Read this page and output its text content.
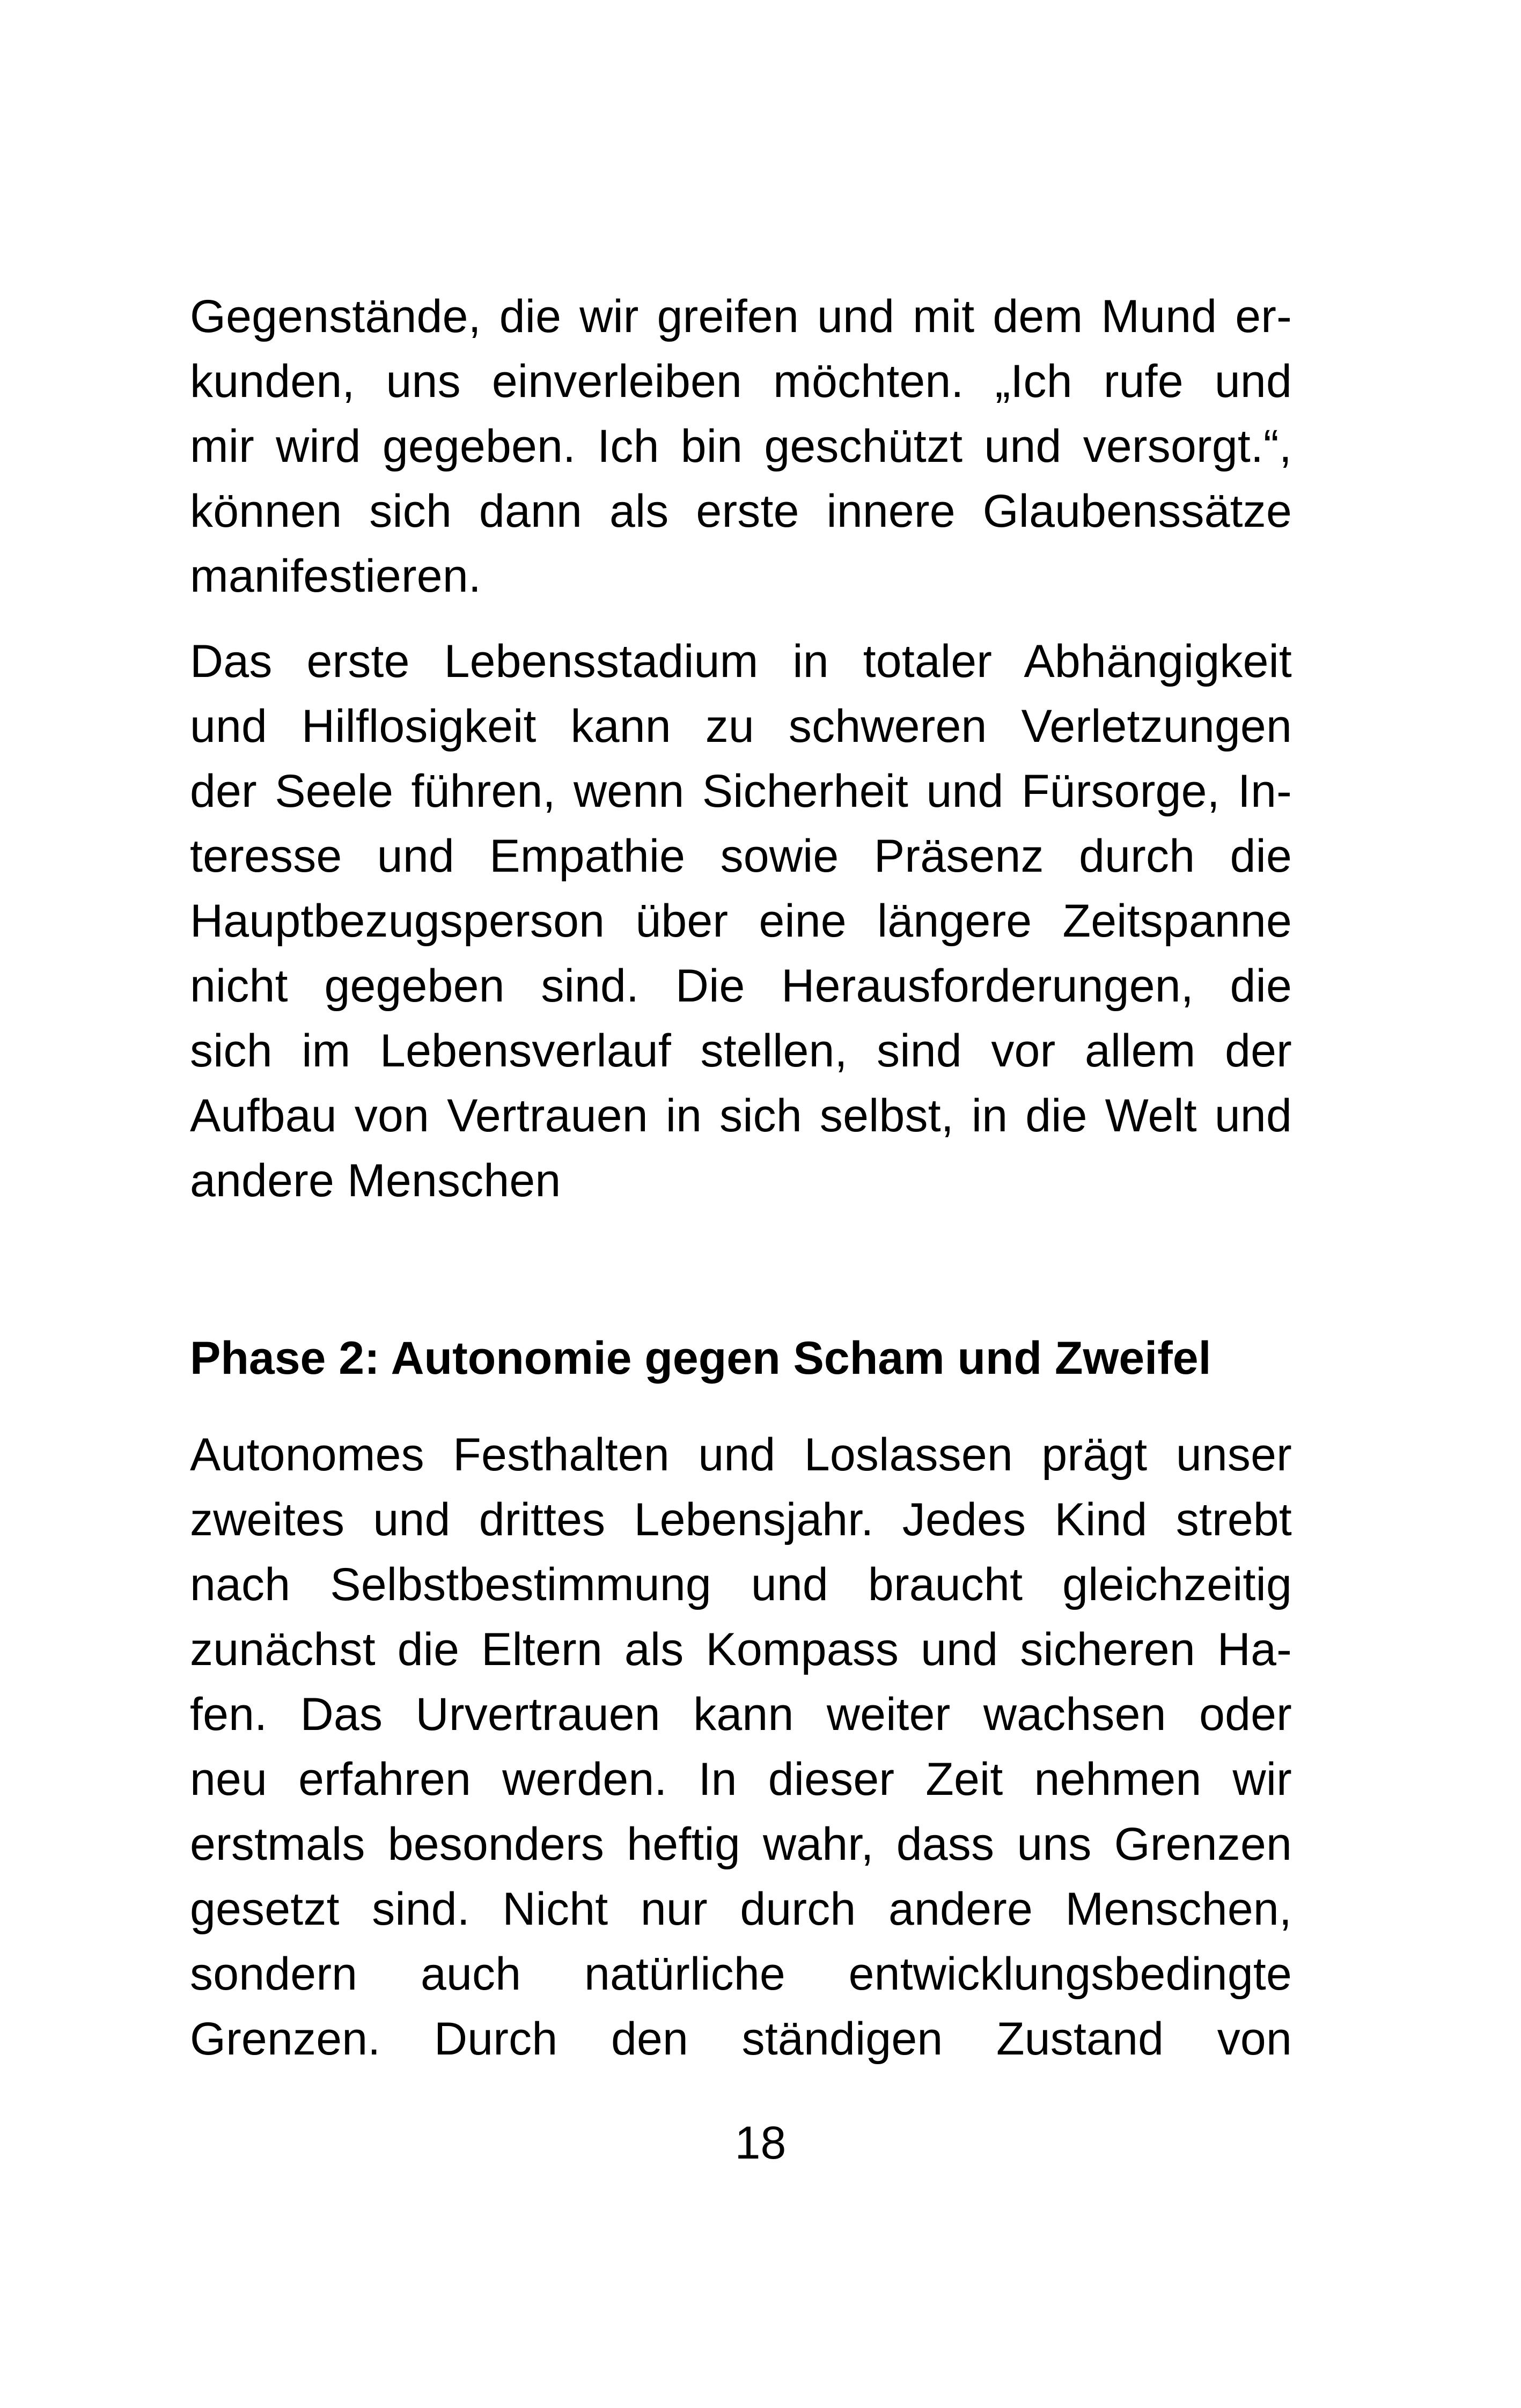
Gegenstände, die wir greifen und mit dem Mund er-
kunden, uns einverleiben möchten. „Ich rufe und
mir wird gegeben. Ich bin geschützt und versorgt.“,
können sich dann als erste innere Glaubenssätze
manifestieren.
Das erste Lebensstadium in totaler Abhängigkeit
und Hilflosigkeit kann zu schweren Verletzungen
der Seele führen, wenn Sicherheit und Fürsorge, In-
teresse und Empathie sowie Präsenz durch die
Hauptbezugsperson über eine längere Zeitspanne
nicht gegeben sind. Die Herausforderungen, die
sich im Lebensverlauf stellen, sind vor allem der
Aufbau von Vertrauen in sich selbst, in die Welt und
andere Menschen
Phase 2: Autonomie gegen Scham und Zweifel
Autonomes Festhalten und Loslassen prägt unser
zweites und drittes Lebensjahr. Jedes Kind strebt
nach Selbstbestimmung und braucht gleichzeitig
zunächst die Eltern als Kompass und sicheren Ha-
fen. Das Urvertrauen kann weiter wachsen oder
neu erfahren werden. In dieser Zeit nehmen wir
erstmals besonders heftig wahr, dass uns Grenzen
gesetzt sind. Nicht nur durch andere Menschen,
sondern auch natürliche entwicklungsbedingte
Grenzen. Durch den ständigen Zustand von
18
